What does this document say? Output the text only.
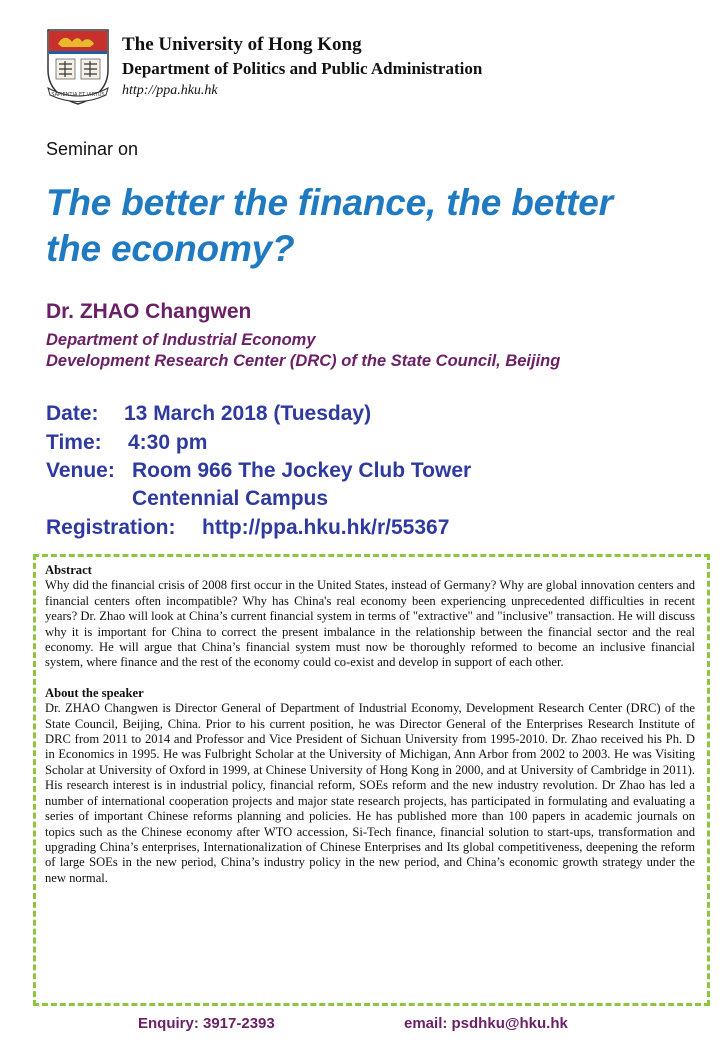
SAPIENTIA ET VIRTUS
The University of Hong Kong
Department of Politics and Public Administration
http://ppa.hku.hk
Seminar on
The better the finance, the better
the economy?
Dr. ZHAO Changwen
Department of Industrial Economy
Development Research Center (DRC) of the State Council, Beijing
Date: 13 March 2018 (Tuesday)
Time: 4:30 pm
Venue: Room 966 The Jockey Club Tower
Centennial Campus
Registration: http://ppa.hku.hk/r/55367
Abstract

Why did the financial crisis of 2008 first occur in the United States, instead of Germany? Why are global innovation centers and financial centers often incompatible? Why has China's real economy been experiencing unprecedented difficulties in recent years? Dr. Zhao will look at China’s current financial system in terms of "extractive" and "inclusive" transaction. He will discuss why it is important for China to correct the present imbalance in the relationship between the financial sector and the real economy. He will argue that China’s financial system must now be thoroughly reformed to become an inclusive financial system, where finance and the rest of the economy could co-exist and develop in support of each other.

About the speaker

Dr. ZHAO Changwen is Director General of Department of Industrial Economy, Development Research Center (DRC) of the State Council, Beijing, China. Prior to his current position, he was Director General of the Enterprises Research Institute of DRC from 2011 to 2014 and Professor and Vice President of Sichuan University from 1995-2010. Dr. Zhao received his Ph. D in Economics in 1995. He was Fulbright Scholar at the University of Michigan, Ann Arbor from 2002 to 2003. He was Visiting Scholar at University of Oxford in 1999, at Chinese University of Hong Kong in 2000, and at University of Cambridge in 2011). His research interest is in industrial policy, financial reform, SOEs reform and the new industry revolution. Dr Zhao has led a number of international cooperation projects and major state research projects, has participated in formulating and evaluating a series of important Chinese reforms planning and policies. He has published more than 100 papers in academic journals on topics such as the Chinese economy after WTO accession, Si-Tech finance, financial solution to start-ups, transformation and upgrading China’s enterprises, Internationalization of Chinese Enterprises and Its global competitiveness, deepening the reform of large SOEs in the new period, China’s industry policy in the new period, and China’s economic growth strategy under the new normal.

Enquiry: 3917-2393	email: psdhku@hku.hk
